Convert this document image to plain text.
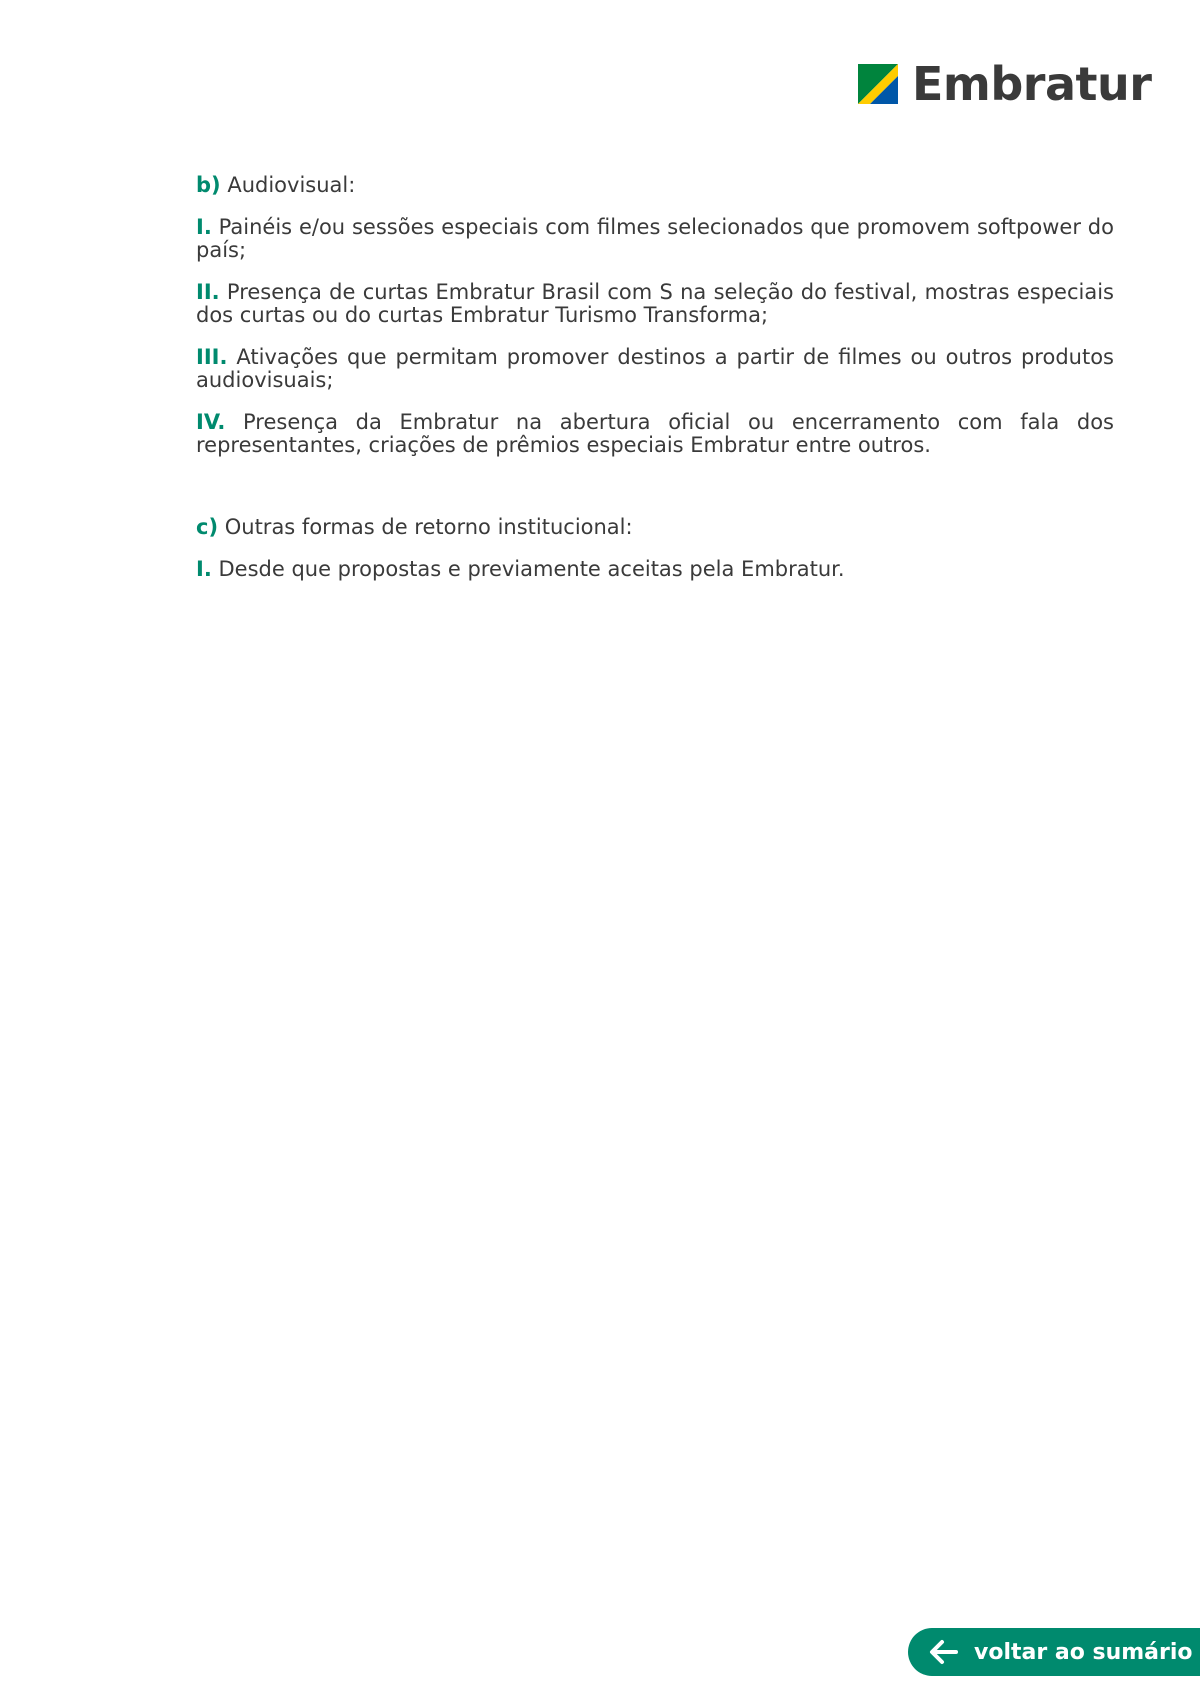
Embratur

b) Audiovisual:

I. Painéis e/ou sessões especiais com filmes selecionados que promovem softpower do país;

II. Presença de curtas Embratur Brasil com S na seleção do festival, mostras especiais dos curtas ou do curtas Embratur Turismo Transforma;

III. Ativações que permitam promover destinos a partir de filmes ou outros produtos audiovisuais;

IV. Presença da Embratur na abertura oficial ou encerramento com fala dos representantes, criações de prêmios especiais Embratur entre outros.

c) Outras formas de retorno institucional:

I. Desde que propostas e previamente aceitas pela Embratur.

voltar ao sumário
